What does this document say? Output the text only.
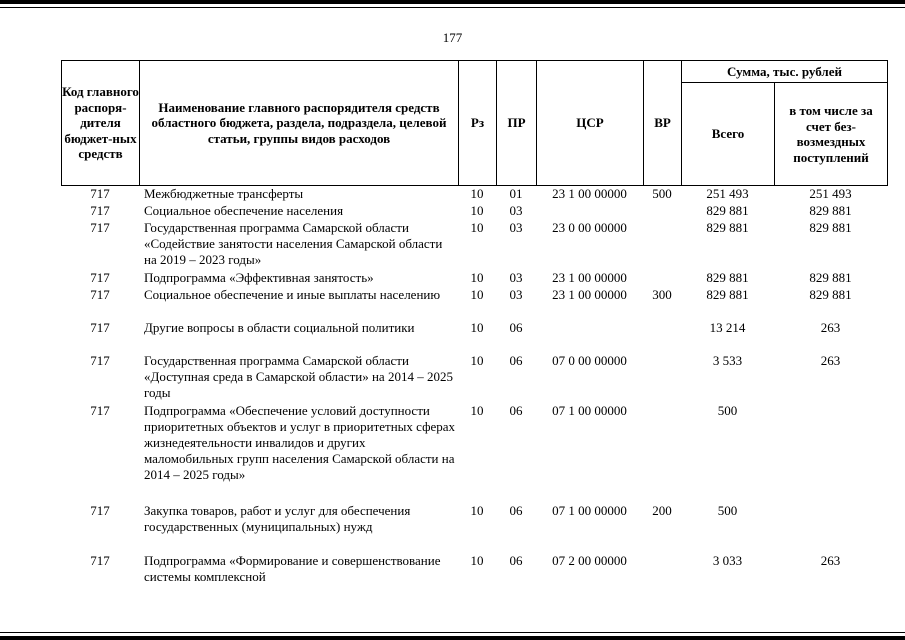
177
Код главного распоря-дителя бюджет-ных средств	Наименование главного распорядителя средств областного бюджета, раздела, подраздела, целевой статьи, группы видов расходов	Рз	ПР	ЦСР	ВР	Сумма, тыс. рублей	
						Всего	в том числе за счет без-возмездных поступлений
717	Межбюджетные трансферты	10	01	23 1 00 00000	500	251 493	251 493
717	Социальное обеспечение населения	10	03			829 881	829 881
717	Государственная программа Самарской области «Содействие занятости населения Самарской области на 2019 – 2023 годы»	10	03	23 0 00 00000		829 881	829 881
717	Подпрограмма «Эффективная занятость»	10	03	23 1 00 00000		829 881	829 881
717	Социальное обеспечение и иные выплаты населению	10	03	23 1 00 00000	300	829 881	829 881
717	Другие вопросы в области социальной политики	10	06			13 214	263
717	Государственная программа Самарской области «Доступная среда в Самарской области» на 2014 – 2025 годы	10	06	07 0 00 00000		3 533	263
717	Подпрограмма «Обеспечение условий доступности приоритетных объектов и услуг в приоритетных сферах жизнедеятельности инвалидов и других маломобильных групп населения Самарской области на 2014 – 2025 годы»	10	06	07 1 00 00000		500	
717	Закупка товаров, работ и услуг для обеспечения государственных (муниципальных) нужд	10	06	07 1 00 00000	200	500	
717	Подпрограмма «Формирование и совершенствование системы комплексной	10	06	07 2 00 00000		3 033	263
